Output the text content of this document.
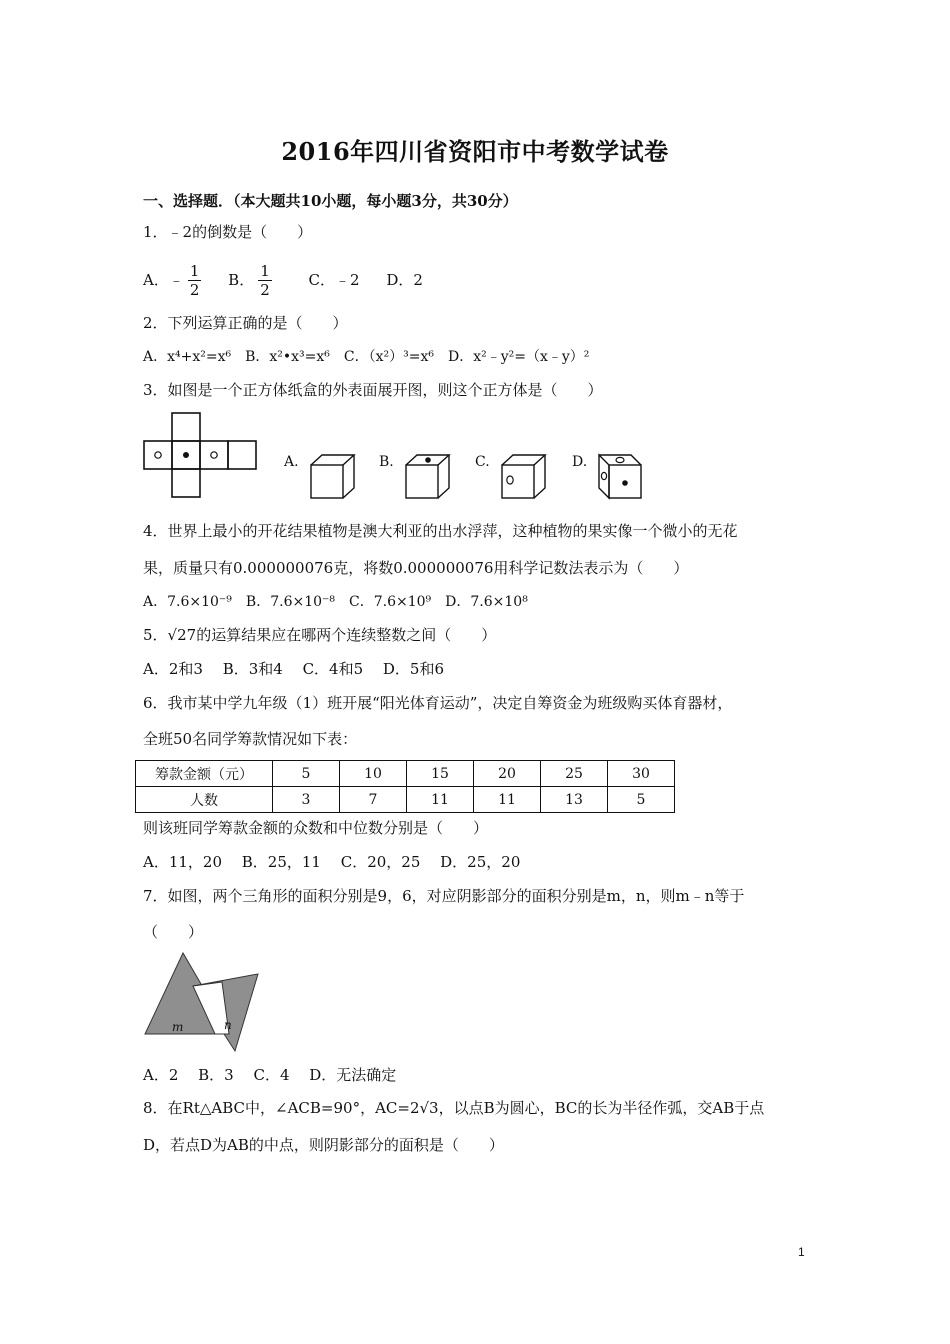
2016年四川省资阳市中考数学试卷
一、选择题．（本大题共10小题，每小题3分，共30分）
1．﹣2的倒数是（　　）
A．﹣ $\frac{1}{2}$ B． $\frac{1}{2}$ C．﹣2 D．2
2．下列运算正确的是（　　）
A．x⁴+x²=x⁶　B．x²•x³=x⁶　C．（x²）³=x⁶　D．x²﹣y²=（x﹣y）²
3．如图是一个正方体纸盒的外表面展开图，则这个正方体是（　　）
A.	B.	C.	D.
4．世界上最小的开花结果植物是澳大利亚的出水浮萍，这种植物的果实像一个微小的无花
果，质量只有0.000000076克，将数0.000000076用科学记数法表示为（　　）
A．7.6×10⁻⁹　B．7.6×10⁻⁸　C．7.6×10⁹　D．7.6×10⁸
5．√27的运算结果应在哪两个连续整数之间（　　）
A．2和3　 B．3和4　 C．4和5　 D．5和6
6．我市某中学九年级（1）班开展“阳光体育运动”，决定自筹资金为班级购买体育器材，
全班50名同学筹款情况如下表：
筹款金额（元）	5	10	15	20	25	30
人数	3	7	11	11	13	5
则该班同学筹款金额的众数和中位数分别是（　　）
A．11，20　 B．25，11　 C．20，25　 D．25，20
7．如图，两个三角形的面积分别是9，6，对应阴影部分的面积分别是m，n，则m﹣n等于
（　　）
m	n
A．2　 B．3　 C．4　 D．无法确定
8．在Rt△ABC中，∠ACB=90°，AC=2√3，以点B为圆心，BC的长为半径作弧，交AB于点
D，若点D为AB的中点，则阴影部分的面积是（　　）
1
